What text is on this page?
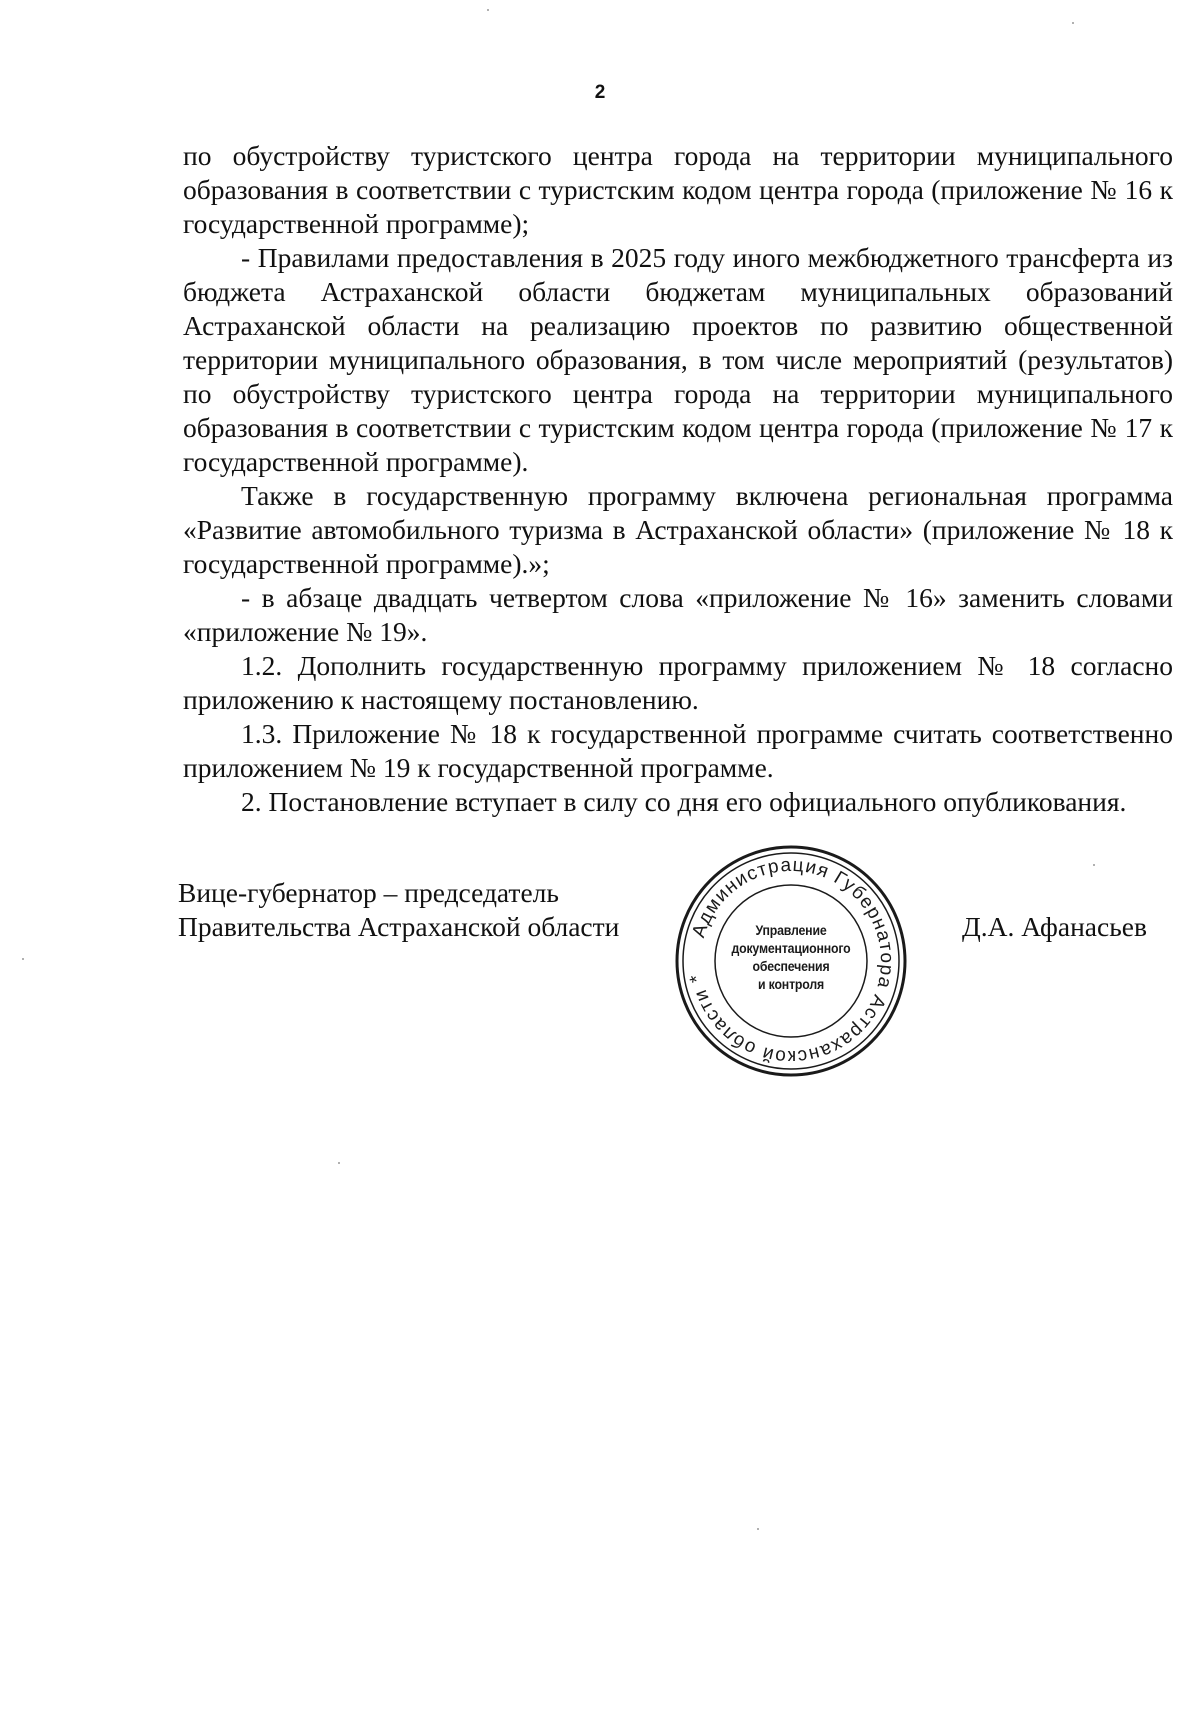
2

по обустройству туристского центра города на территории муниципального образования в соответствии с туристским кодом центра города (приложение № 16 к государственной программе);

- Правилами предоставления в 2025 году иного межбюджетного трансферта из бюджета Астраханской области бюджетам муниципальных образований Астраханской области на реализацию проектов по развитию общественной территории муниципального образования, в том числе мероприятий (результатов) по обустройству туристского центра города на территории муниципального образования в соответствии с туристским кодом центра города (приложение № 17 к государственной программе).

Также в государственную программу включена региональная программа «Развитие автомобильного туризма в Астраханской области» (приложение № 18 к государственной программе).»;

- в абзаце двадцать четвертом слова «приложение № 16» заменить словами «приложение № 19».

1.2. Дополнить государственную программу приложением № 18 согласно приложению к настоящему постановлению.

1.3. Приложение № 18 к государственной программе считать соответственно приложением № 19 к государственной программе.

2. Постановление вступает в силу со дня его официального опубликования.

Вице-губернатор – председатель
Правительства Астраханской области	Д.А. Афанасьев
Администрация Губернатора Астраханской области *
Управление
документационного
обеспечения
и контроля
